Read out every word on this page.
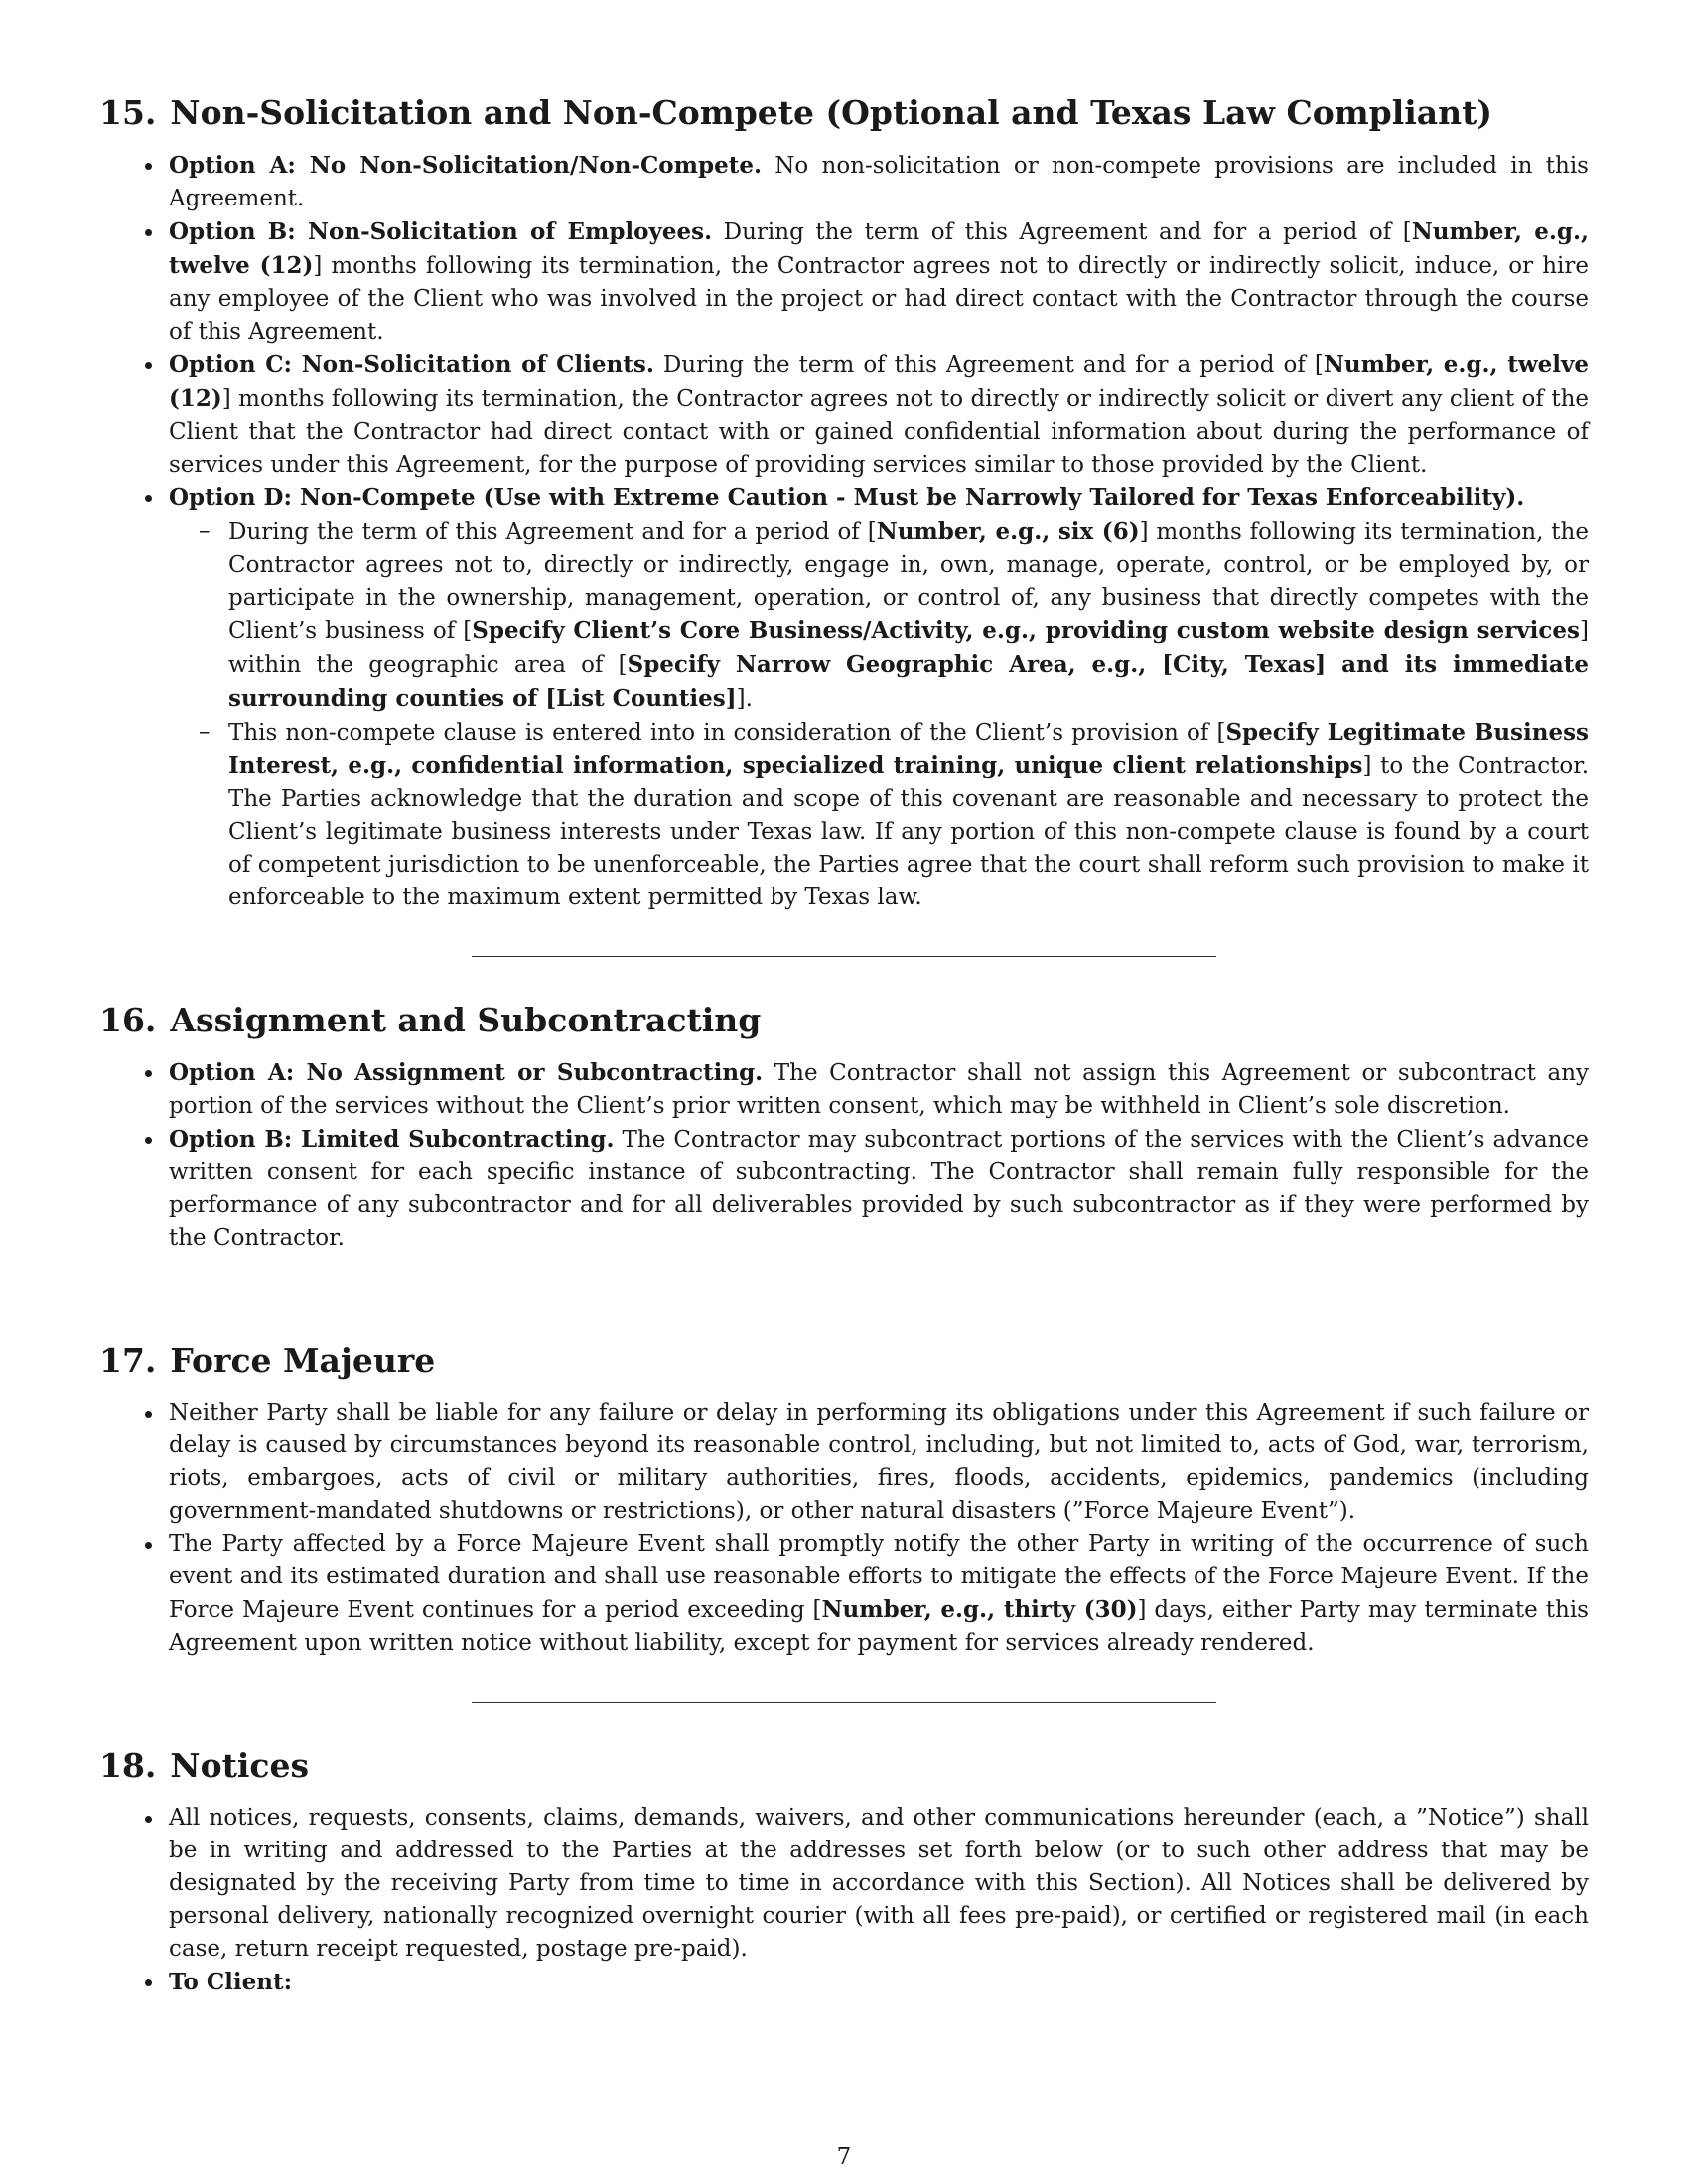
15. Non-Solicitation and Non-Compete (Optional and Texas Law Compliant)
Option A: No Non-Solicitation/Non-Compete. No non-solicitation or non-compete provisions are included in this Agreement.
Option B: Non-Solicitation of Employees. During the term of this Agreement and for a period of [Number, e.g., twelve (12)] months following its termination, the Contractor agrees not to directly or indirectly solicit, induce, or hire any employee of the Client who was involved in the project or had direct contact with the Contractor through the course of this Agreement.
Option C: Non-Solicitation of Clients. During the term of this Agreement and for a period of [Number, e.g., twelve (12)] months following its termination, the Contractor agrees not to directly or indirectly solicit or divert any client of the Client that the Contractor had direct contact with or gained confidential information about during the performance of services under this Agreement, for the purpose of providing services similar to those provided by the Client.
Option D: Non-Compete (Use with Extreme Caution - Must be Narrowly Tailored for Texas Enforceability).
– During the term of this Agreement and for a period of [Number, e.g., six (6)] months following its termination, the Contractor agrees not to, directly or indirectly, engage in, own, manage, operate, control, or be employed by, or participate in the ownership, management, operation, or control of, any business that directly competes with the Client’s business of [Specify Client’s Core Business/Activity, e.g., providing custom website design services] within the geographic area of [Specify Narrow Geographic Area, e.g., [City, Texas] and its immediate surrounding counties of [List Counties]].
– This non-compete clause is entered into in consideration of the Client’s provision of [Specify Legitimate Business Interest, e.g., confidential information, specialized training, unique client relationships] to the Contractor. The Parties acknowledge that the duration and scope of this covenant are reasonable and necessary to protect the Client’s legitimate business interests under Texas law. If any portion of this non-compete clause is found by a court of competent jurisdiction to be unenforceable, the Parties agree that the court shall reform such provision to make it enforceable to the maximum extent permitted by Texas law.
16. Assignment and Subcontracting
Option A: No Assignment or Subcontracting. The Contractor shall not assign this Agreement or subcontract any portion of the services without the Client’s prior written consent, which may be withheld in Client’s sole discretion.
Option B: Limited Subcontracting. The Contractor may subcontract portions of the services with the Client’s advance written consent for each specific instance of subcontracting. The Contractor shall remain fully responsible for the performance of any subcontractor and for all deliverables provided by such subcontractor as if they were performed by the Contractor.
17. Force Majeure
Neither Party shall be liable for any failure or delay in performing its obligations under this Agreement if such failure or delay is caused by circumstances beyond its reasonable control, including, but not limited to, acts of God, war, terrorism, riots, embargoes, acts of civil or military authorities, fires, floods, accidents, epidemics, pandemics (including government-mandated shutdowns or restrictions), or other natural disasters (”Force Majeure Event”).
The Party affected by a Force Majeure Event shall promptly notify the other Party in writing of the occurrence of such event and its estimated duration and shall use reasonable efforts to mitigate the effects of the Force Majeure Event. If the Force Majeure Event continues for a period exceeding [Number, e.g., thirty (30)] days, either Party may terminate this Agreement upon written notice without liability, except for payment for services already rendered.
18. Notices
All notices, requests, consents, claims, demands, waivers, and other communications hereunder (each, a ”Notice”) shall be in writing and addressed to the Parties at the addresses set forth below (or to such other address that may be designated by the receiving Party from time to time in accordance with this Section). All Notices shall be delivered by personal delivery, nationally recognized overnight courier (with all fees pre-paid), or certified or registered mail (in each case, return receipt requested, postage pre-paid).
To Client:
7
